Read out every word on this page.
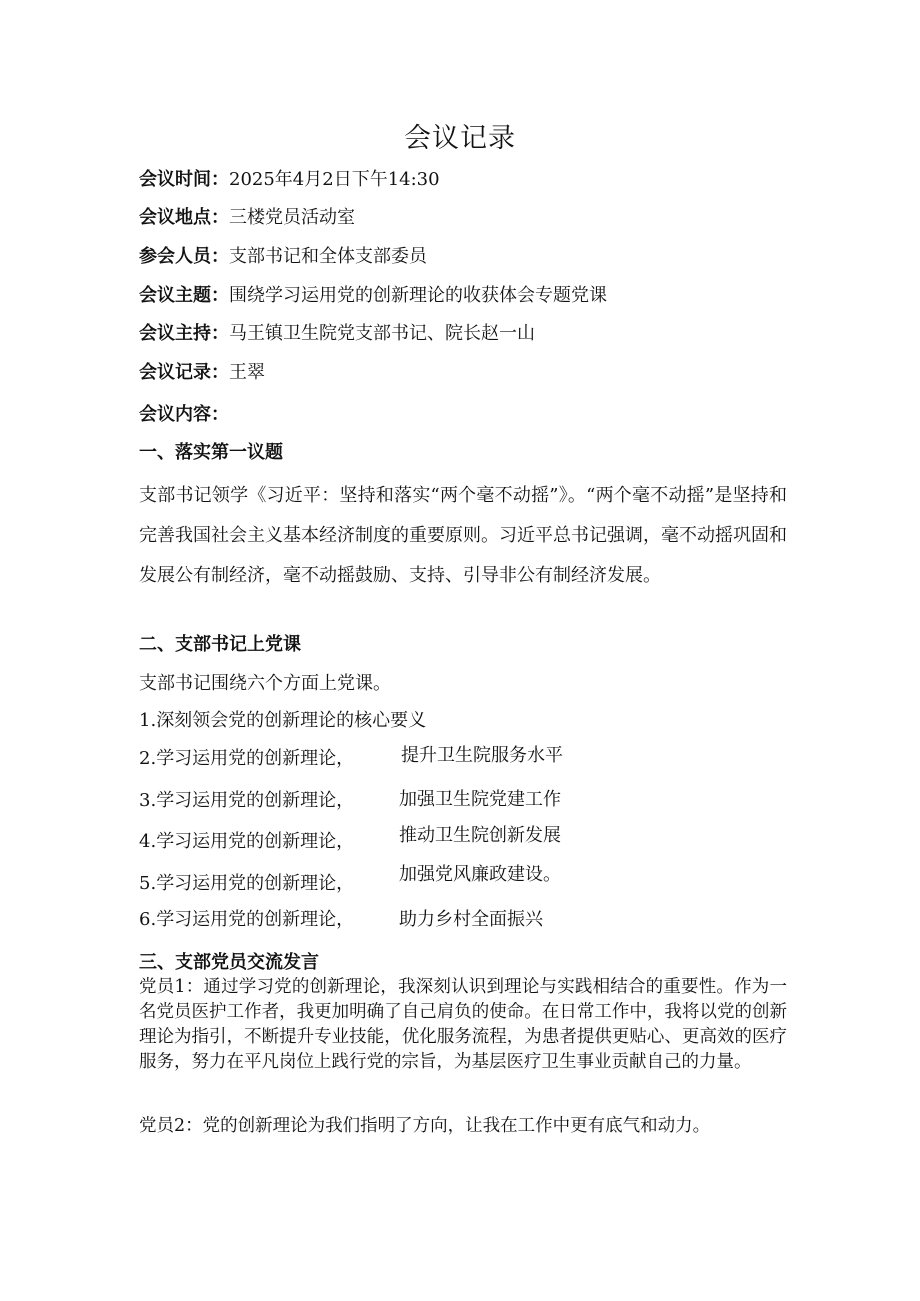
会议记录
会议时间：2025年4月2日下午14:30
会议地点：三楼党员活动室
参会人员：支部书记和全体支部委员
会议主题：围绕学习运用党的创新理论的收获体会专题党课
会议主持：马王镇卫生院党支部书记、院长赵一山
会议记录：王翠
会议内容：
一、落实第一议题
支部书记领学《习近平：坚持和落实“两个毫不动摇”》。“两个毫不动摇”是坚持和完善我国社会主义基本经济制度的重要原则。习近平总书记强调，毫不动摇巩固和发展公有制经济，毫不动摇鼓励、支持、引导非公有制经济发展。
二、支部书记上党课
支部书记围绕六个方面上党课。
1.深刻领会党的创新理论的核心要义
2.学习运用党的创新理论，	提升卫生院服务水平
3.学习运用党的创新理论， 加强卫生院党建工作
4.学习运用党的创新理论， 推动卫生院创新发展
5.学习运用党的创新理论， 加强党风廉政建设。
6.学习运用党的创新理论， 助力乡村全面振兴
三、支部党员交流发言
党员1：通过学习党的创新理论，我深刻认识到理论与实践相结合的重要性。作为一名党员医护工作者，我更加明确了自己肩负的使命。在日常工作中，我将以党的创新理论为指引，不断提升专业技能，优化服务流程，为患者提供更贴心、更高效的医疗服务，努力在平凡岗位上践行党的宗旨，为基层医疗卫生事业贡献自己的力量。
党员2：党的创新理论为我们指明了方向，让我在工作中更有底气和动力。
